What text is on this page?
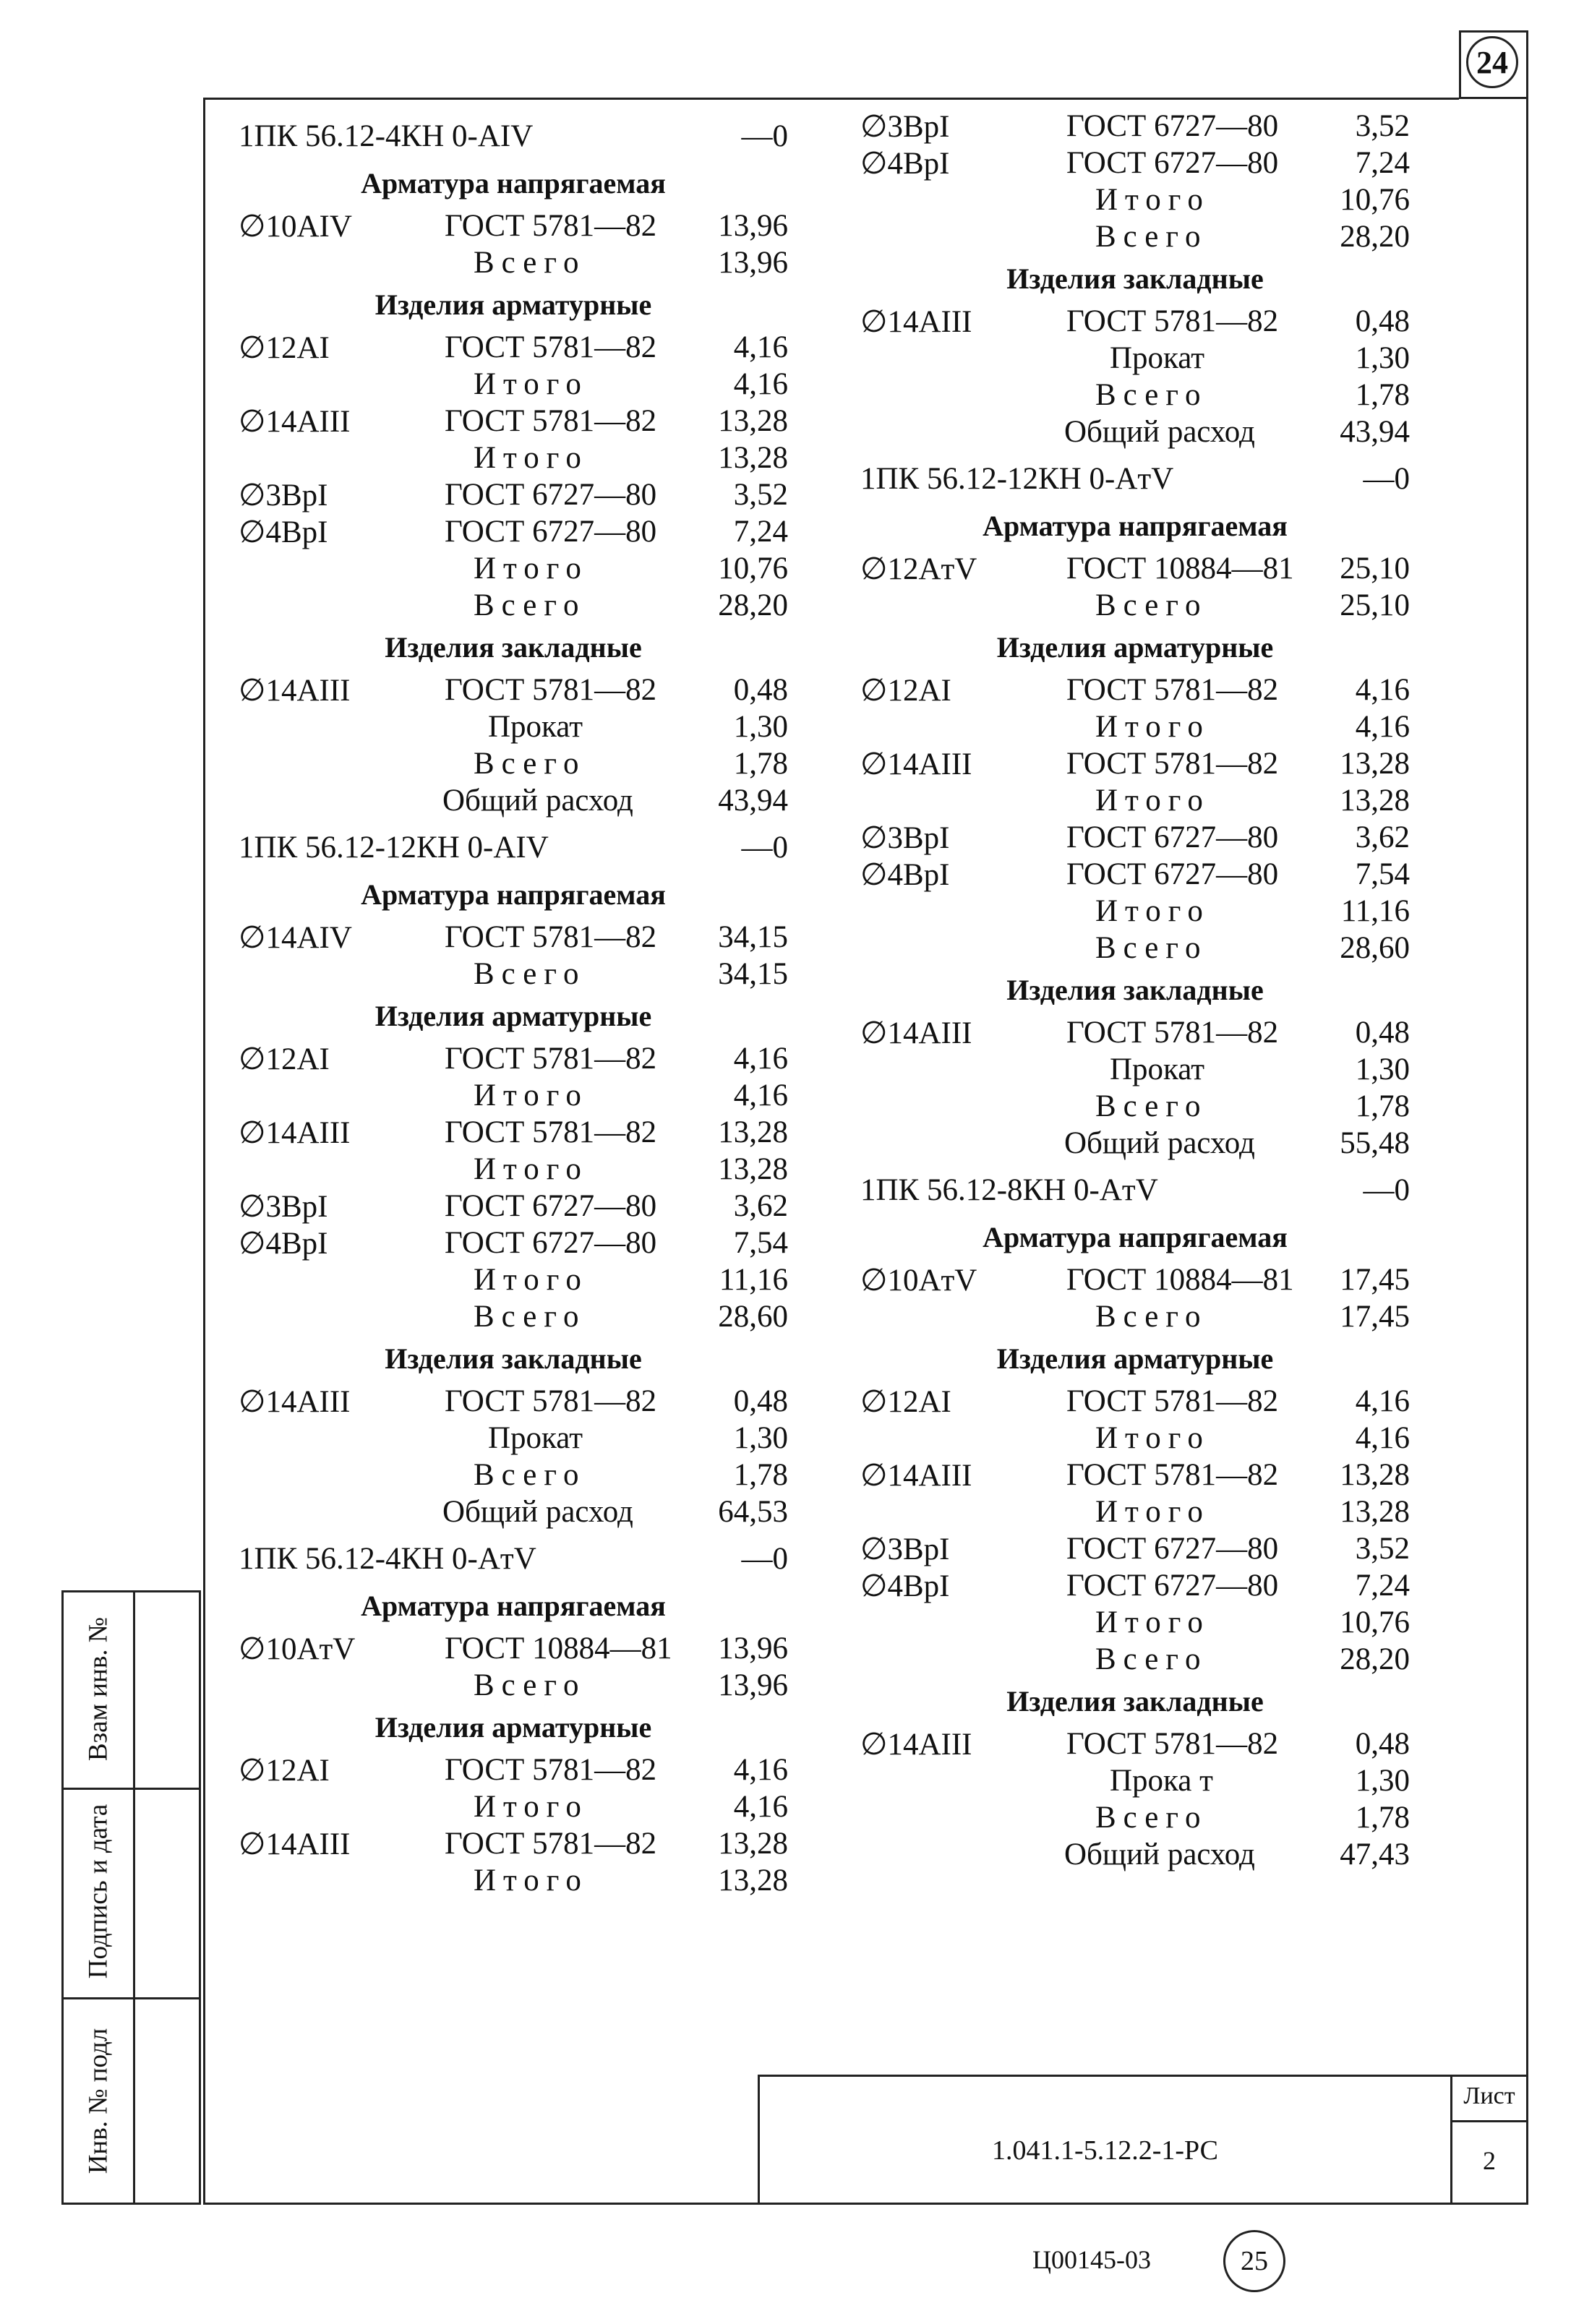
24
1ПК 56.12-4КН 0-AIV	—0
Арматура напрягаемая
∅10AIV	ГОСТ 5781—82 13,96
Всего	13,96
Изделия арматурные
∅12AI	ГОСТ 5781—82 4,16
Итого	4,16
∅14AIII	ГОСТ 5781—82 13,28
Итого	13,28
∅3ВрI	ГОСТ 6727—80 3,52
∅4ВрI	ГОСТ 6727—80 7,24
Итого	10,76
Всего	28,20
Изделия закладные
∅14AIII	ГОСТ 5781—82 0,48
Прокат	1,30
Всего	1,78
Общий расход	43,94
1ПК 56.12-12КН 0-AIV	—0
Арматура напрягаемая
∅14AIV	ГОСТ 5781—82 34,15
Всего	34,15
Изделия арматурные
∅12AI	ГОСТ 5781—82 4,16
Итого	4,16
∅14AIII	ГОСТ 5781—82 13,28
Итого	13,28
∅3ВрI	ГОСТ 6727—80 3,62
∅4ВрI	ГОСТ 6727—80 7,54
Итого	11,16
Всего	28,60
Изделия закладные
∅14AIII	ГОСТ 5781—82 0,48
Прокат	1,30
Всего	1,78
Общий расход	64,53
1ПК 56.12-4КН 0-AтV	—0
Арматура напрягаемая
∅10AтV	ГОСТ 10884—81 13,96
Всего	13,96
Изделия арматурные
∅12AI	ГОСТ 5781—82 4,16
Итого	4,16
∅14AIII	ГОСТ 5781—82 13,28
Итого	13,28
∅3ВрI	ГОСТ 6727—80 3,52
∅4ВрI	ГОСТ 6727—80 7,24
Итого	10,76
Всего	28,20
Изделия закладные
∅14AIII	ГОСТ 5781—82 0,48
Прокат	1,30
Всего	1,78
Общий расход	43,94
1ПК 56.12-12КН 0-AтV	—0
Арматура напрягаемая
∅12AтV	ГОСТ 10884—81 25,10
Всего	25,10
Изделия арматурные
∅12AI	ГОСТ 5781—82 4,16
Итого	4,16
∅14AIII	ГОСТ 5781—82 13,28
Итого	13,28
∅3ВрI	ГОСТ 6727—80 3,62
∅4ВрI	ГОСТ 6727—80 7,54
Итого	11,16
Всего	28,60
Изделия закладные
∅14AIII	ГОСТ 5781—82 0,48
Прокат	1,30
Всего	1,78
Общий расход	55,48
1ПК 56.12-8КН 0-AтV	—0
Арматура напрягаемая
∅10AтV	ГОСТ 10884—81 17,45
Всего	17,45
Изделия арматурные
∅12AI	ГОСТ 5781—82 4,16
Итого	4,16
∅14AIII	ГОСТ 5781—82 13,28
Итого	13,28
∅3ВрI	ГОСТ 6727—80 3,52
∅4ВрI	ГОСТ 6727—80 7,24
Итого	10,76
Всего	28,20
Изделия закладные
∅14AIII	ГОСТ 5781—82 0,48
Прока т	1,30
Всего	1,78
Общий расход	47,43
Взам инв. №
Подпись и дата
Инв. № подл	1.041.1-5.12.2-1-РС
Лист
2
Ц00145-03	25
